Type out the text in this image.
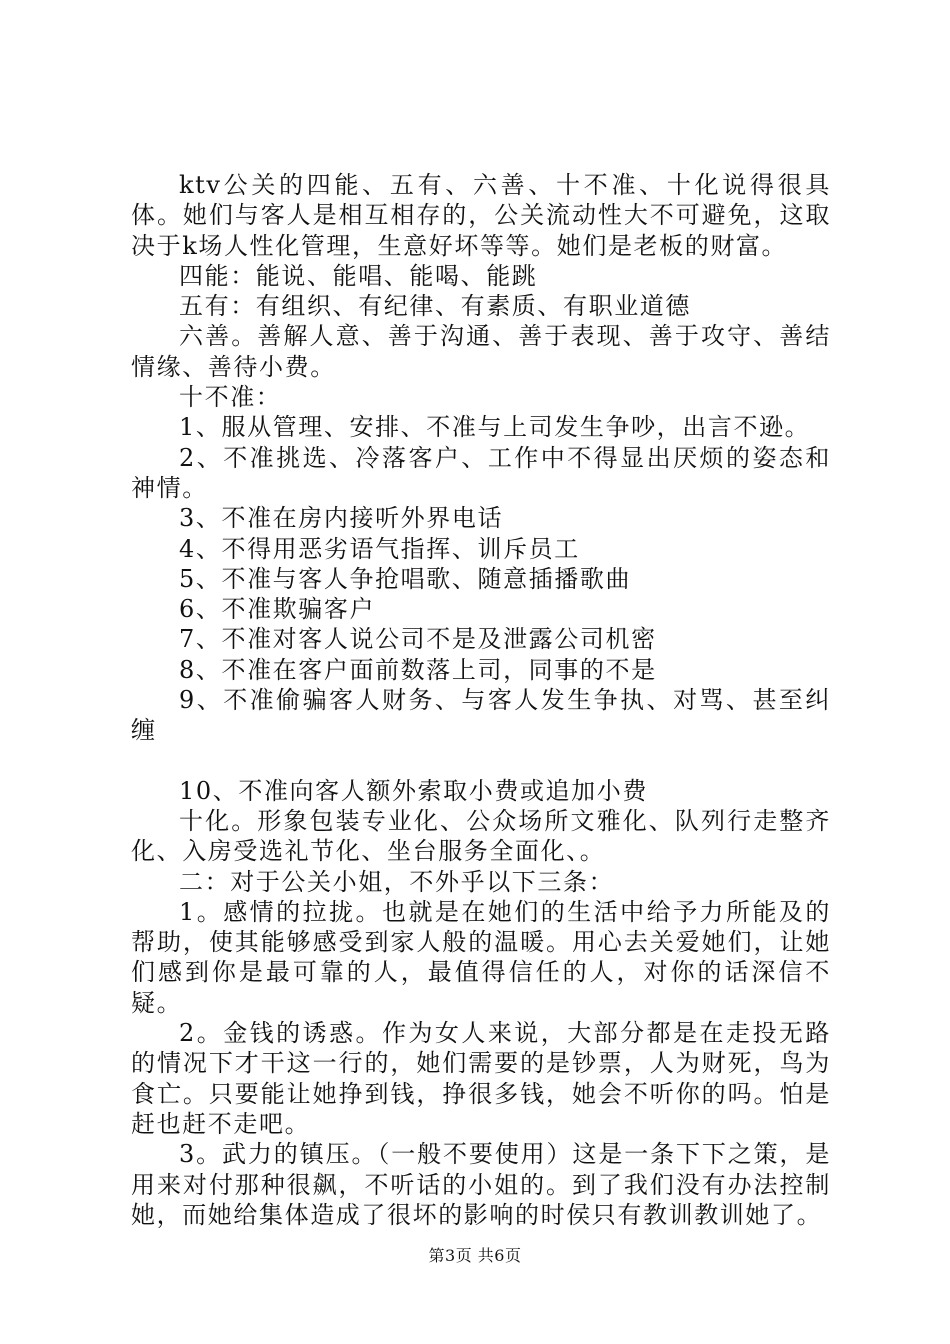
ktv公关的四能、五有、六善、十不准、十化说得很具体。她们与客人是相互相存的，公关流动性大不可避免，这取决于k场人性化管理，生意好坏等等。她们是老板的财富。

四能：能说、能唱、能喝、能跳

五有：有组织、有纪律、有素质、有职业道德

六善。善解人意、善于沟通、善于表现、善于攻守、善结情缘、善待小费。

十不准：

1、服从管理、安排、不准与上司发生争吵，出言不逊。

2、不准挑选、冷落客户、工作中不得显出厌烦的姿态和神情。

3、不准在房内接听外界电话

4、不得用恶劣语气指挥、训斥员工

5、不准与客人争抢唱歌、随意插播歌曲

6、不准欺骗客户

7、不准对客人说公司不是及泄露公司机密

8、不准在客户面前数落上司，同事的不是

9、不准偷骗客人财务、与客人发生争执、对骂、甚至纠缠

10、不准向客人额外索取小费或追加小费

十化。形象包装专业化、公众场所文雅化、队列行走整齐化、入房受选礼节化、坐台服务全面化、。

二：对于公关小姐，不外乎以下三条：

1。感情的拉拢。也就是在她们的生活中给予力所能及的帮助，使其能够感受到家人般的温暖。用心去关爱她们，让她们感到你是最可靠的人，最值得信任的人，对你的话深信不疑。

2。金钱的诱惑。作为女人来说，大部分都是在走投无路的情况下才干这一行的，她们需要的是钞票，人为财死，鸟为食亡。只要能让她挣到钱，挣很多钱，她会不听你的吗。怕是赶也赶不走吧。

3。武力的镇压。（一般不要使用）这是一条下下之策，是用来对付那种很飙，不听话的小姐的。到了我们没有办法控制她，而她给集体造成了很坏的影响的时侯只有教训教训她了。

第3页 共6页
